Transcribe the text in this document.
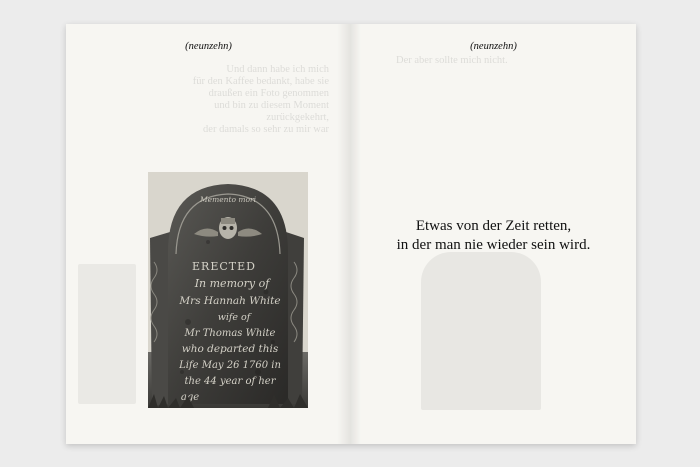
(neunzehn)
Und dann habe ich mich
für den Kaffee bedankt, habe sie
draußen ein Foto genommen
und bin zu diesem Moment zurückgekehrt,
der damals so sehr zu mir war
Memento mori
ERECTED
In memory of
Mrs Hannah White
wife of
Mr Thomas White
who departed this
Life May 26 1760 in
the 44 year of her
age
(neunzehn)
Der aber sollte mich nicht.
Etwas von der Zeit retten,
in der man nie wieder sein wird.
